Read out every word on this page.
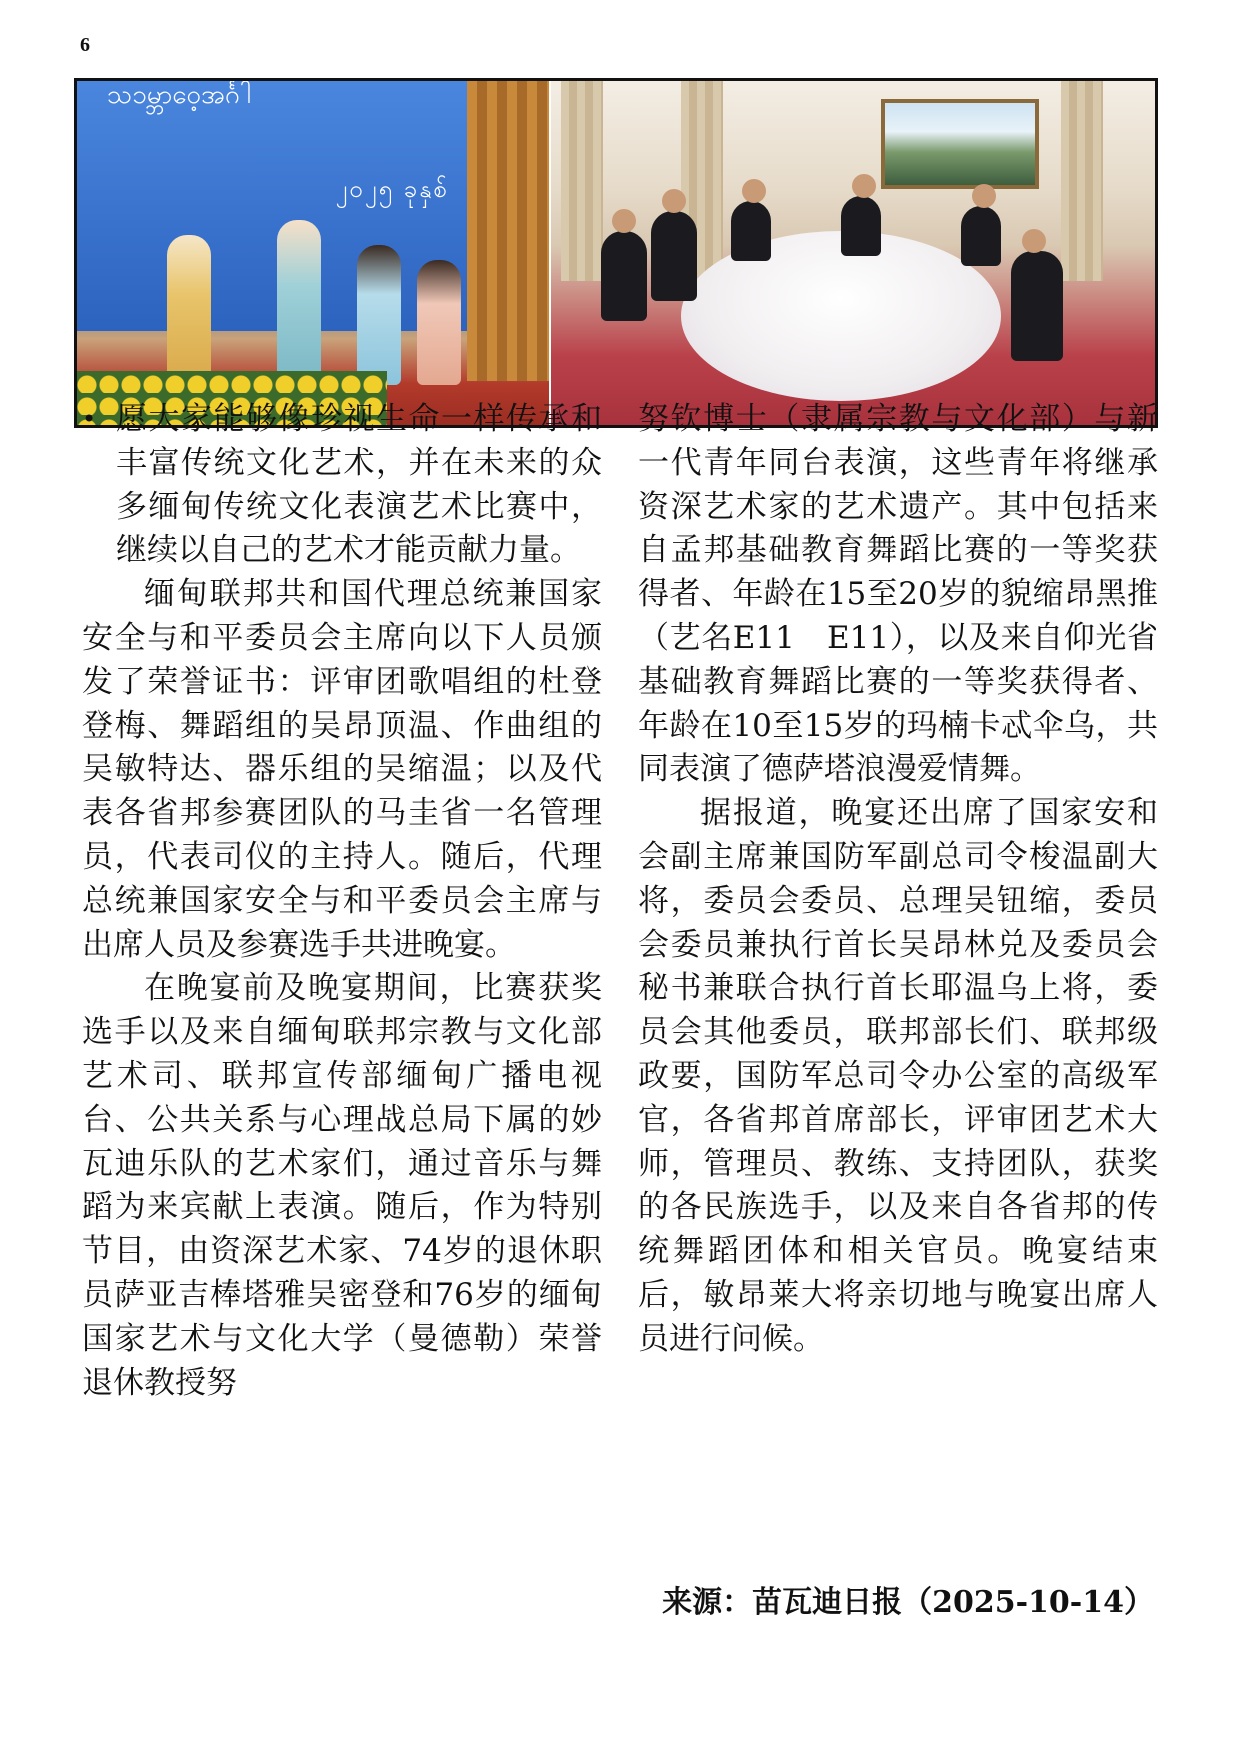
6
သ၁မ္ဘာဝေ့အင်္ဂါ
၂၀၂၅ ခုနှစ်

• 愿大家能够像珍视生命一样传承和丰富传统文化艺术，并在未来的众多缅甸传统文化表演艺术比赛中，继续以自己的艺术才能贡献力量。

缅甸联邦共和国代理总统兼国家安全与和平委员会主席向以下人员颁发了荣誉证书：评审团歌唱组的杜登登梅、舞蹈组的吴昂顶温、作曲组的吴敏特达、器乐组的吴缩温；以及代表各省邦参赛团队的马圭省一名管理员，代表司仪的主持人。随后，代理总统兼国家安全与和平委员会主席与出席人员及参赛选手共进晚宴。

在晚宴前及晚宴期间，比赛获奖选手以及来自缅甸联邦宗教与文化部艺术司、联邦宣传部缅甸广播电视台、公共关系与心理战总局下属的妙瓦迪乐队的艺术家们，通过音乐与舞蹈为来宾献上表演。随后，作为特别节目，由资深艺术家、74岁的退休职员萨亚吉棒塔雅吴密登和76岁的缅甸国家艺术与文化大学（曼德勒）荣誉退休教授努

努钦博士（隶属宗教与文化部）与新一代青年同台表演，这些青年将继承资深艺术家的艺术遗产。其中包括来自孟邦基础教育舞蹈比赛的一等奖获得者、年龄在15至20岁的貌缩昂黑推（艺名E11　E11），以及来自仰光省基础教育舞蹈比赛的一等奖获得者、年龄在10至15岁的玛楠卡忒伞乌，共同表演了德萨塔浪漫爱情舞。

据报道，晚宴还出席了国家安和会副主席兼国防军副总司令梭温副大将，委员会委员、总理吴钮缩，委员会委员兼执行首长吴昂林兑及委员会秘书兼联合执行首长耶温乌上将，委员会其他委员，联邦部长们、联邦级政要，国防军总司令办公室的高级军官，各省邦首席部长，评审团艺术大师，管理员、教练、支持团队，获奖的各民族选手，以及来自各省邦的传统舞蹈团体和相关官员。晚宴结束后，敏昂莱大将亲切地与晚宴出席人员进行问候。

来源：苗瓦迪日报（2025-10-14）
